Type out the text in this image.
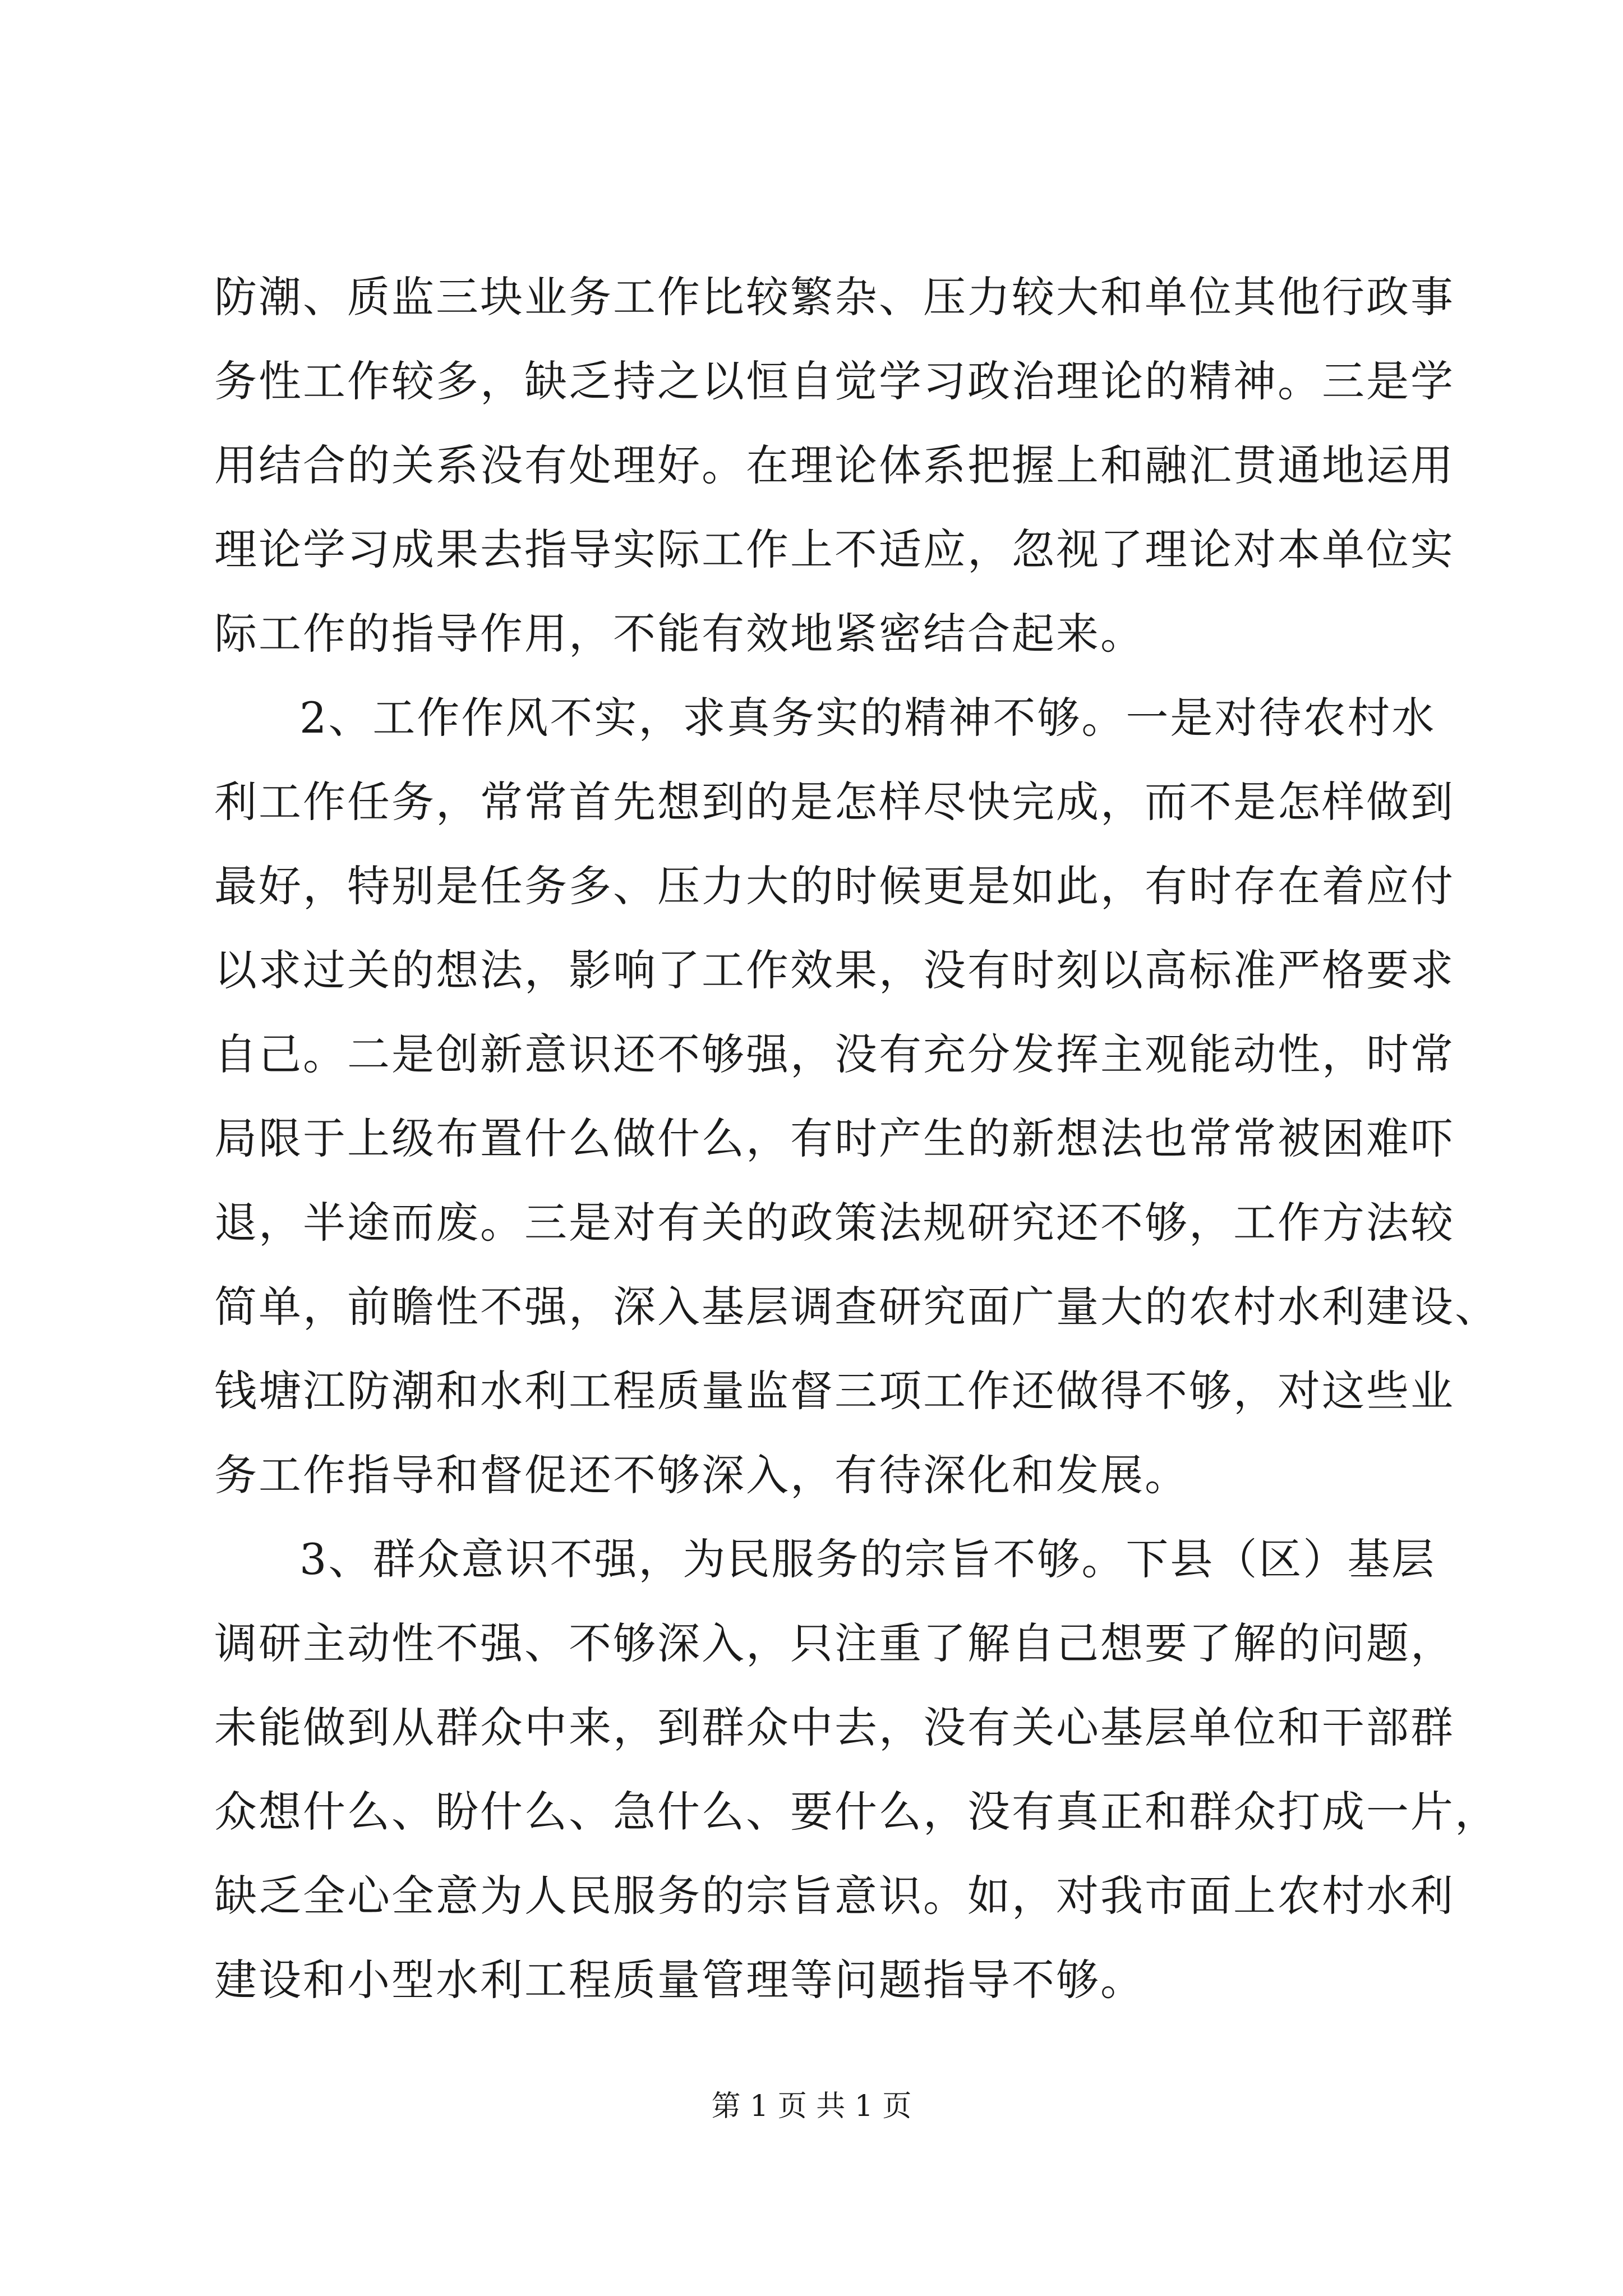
防潮、质监三块业务工作比较繁杂、压力较大和单位其他行政事
务性工作较多，缺乏持之以恒自觉学习政治理论的精神。三是学
用结合的关系没有处理好。在理论体系把握上和融汇贯通地运用
理论学习成果去指导实际工作上不适应，忽视了理论对本单位实
际工作的指导作用，不能有效地紧密结合起来。
2、工作作风不实，求真务实的精神不够。一是对待农村水
利工作任务，常常首先想到的是怎样尽快完成，而不是怎样做到
最好，特别是任务多、压力大的时候更是如此，有时存在着应付
以求过关的想法，影响了工作效果，没有时刻以高标准严格要求
自己。二是创新意识还不够强，没有充分发挥主观能动性，时常
局限于上级布置什么做什么，有时产生的新想法也常常被困难吓
退，半途而废。三是对有关的政策法规研究还不够，工作方法较
简单，前瞻性不强，深入基层调查研究面广量大的农村水利建设、
钱塘江防潮和水利工程质量监督三项工作还做得不够，对这些业
务工作指导和督促还不够深入，有待深化和发展。
3、群众意识不强，为民服务的宗旨不够。下县（区）基层
调研主动性不强、不够深入，只注重了解自己想要了解的问题，
未能做到从群众中来，到群众中去，没有关心基层单位和干部群
众想什么、盼什么、急什么、要什么，没有真正和群众打成一片，
缺乏全心全意为人民服务的宗旨意识。如，对我市面上农村水利
建设和小型水利工程质量管理等问题指导不够。
第 1 页 共 1 页
